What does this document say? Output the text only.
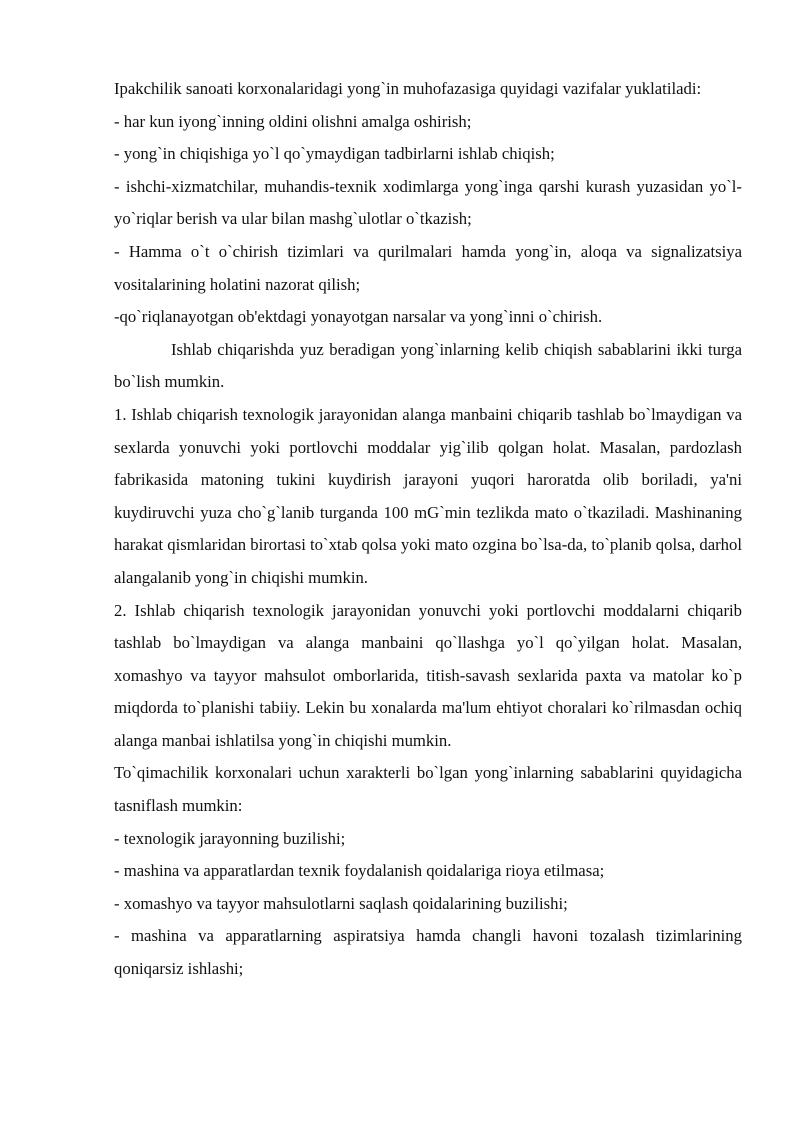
Ipakchilik sanoati korxonalaridagi yong`in muhofazasiga quyidagi vazifalar yuklatiladi:

- har kun iyong`inning oldini olishni amalga oshirish;

- yong`in chiqishiga yo`l qo`ymaydigan tadbirlarni ishlab chiqish;

- ishchi-xizmatchilar, muhandis-texnik xodimlarga yong`inga qarshi kurash yuzasidan yo`l-yo`riqlar berish va ular bilan mashg`ulotlar o`tkazish;

- Hamma o`t o`chirish tizimlari va qurilmalari hamda yong`in, aloqa va signalizatsiya vositalarining holatini nazorat qilish;

-qo`riqlanayotgan ob'ektdagi yonayotgan narsalar va yong`inni o`chirish.

Ishlab chiqarishda yuz beradigan yong`inlarning kelib chiqish sabablarini ikki turga bo`lish mumkin.

1. Ishlab chiqarish texnologik jarayonidan alanga manbaini chiqarib tashlab bo`lmaydigan va sexlarda yonuvchi yoki portlovchi moddalar yig`ilib qolgan holat. Masalan, pardozlash fabrikasida matoning tukini kuydirish jarayoni yuqori haroratda olib boriladi, ya'ni kuydiruvchi yuza cho`g`lanib turganda 100 mG`min tezlikda mato o`tkaziladi. Mashinaning harakat qismlaridan birortasi to`xtab qolsa yoki mato ozgina bo`lsa-da, to`planib qolsa, darhol alangalanib yong`in chiqishi mumkin.

2. Ishlab chiqarish texnologik jarayonidan yonuvchi yoki portlovchi moddalarni chiqarib tashlab bo`lmaydigan va alanga manbaini qo`llashga yo`l qo`yilgan holat. Masalan, xomashyo va tayyor mahsulot omborlarida, titish-savash sexlarida paxta va matolar ko`p miqdorda to`planishi tabiiy. Lekin bu xonalarda ma'lum ehtiyot choralari ko`rilmasdan ochiq alanga manbai ishlatilsa yong`in chiqishi mumkin.

To`qimachilik korxonalari uchun xarakterli bo`lgan yong`inlarning sabablarini quyidagicha tasniflash mumkin:

- texnologik jarayonning buzilishi;

- mashina va apparatlardan texnik foydalanish qoidalariga rioya etilmasa;

- xomashyo va tayyor mahsulotlarni saqlash qoidalarining buzilishi;

- mashina va apparatlarning aspiratsiya hamda changli havoni tozalash tizimlarining qoniqarsiz ishlashi;
